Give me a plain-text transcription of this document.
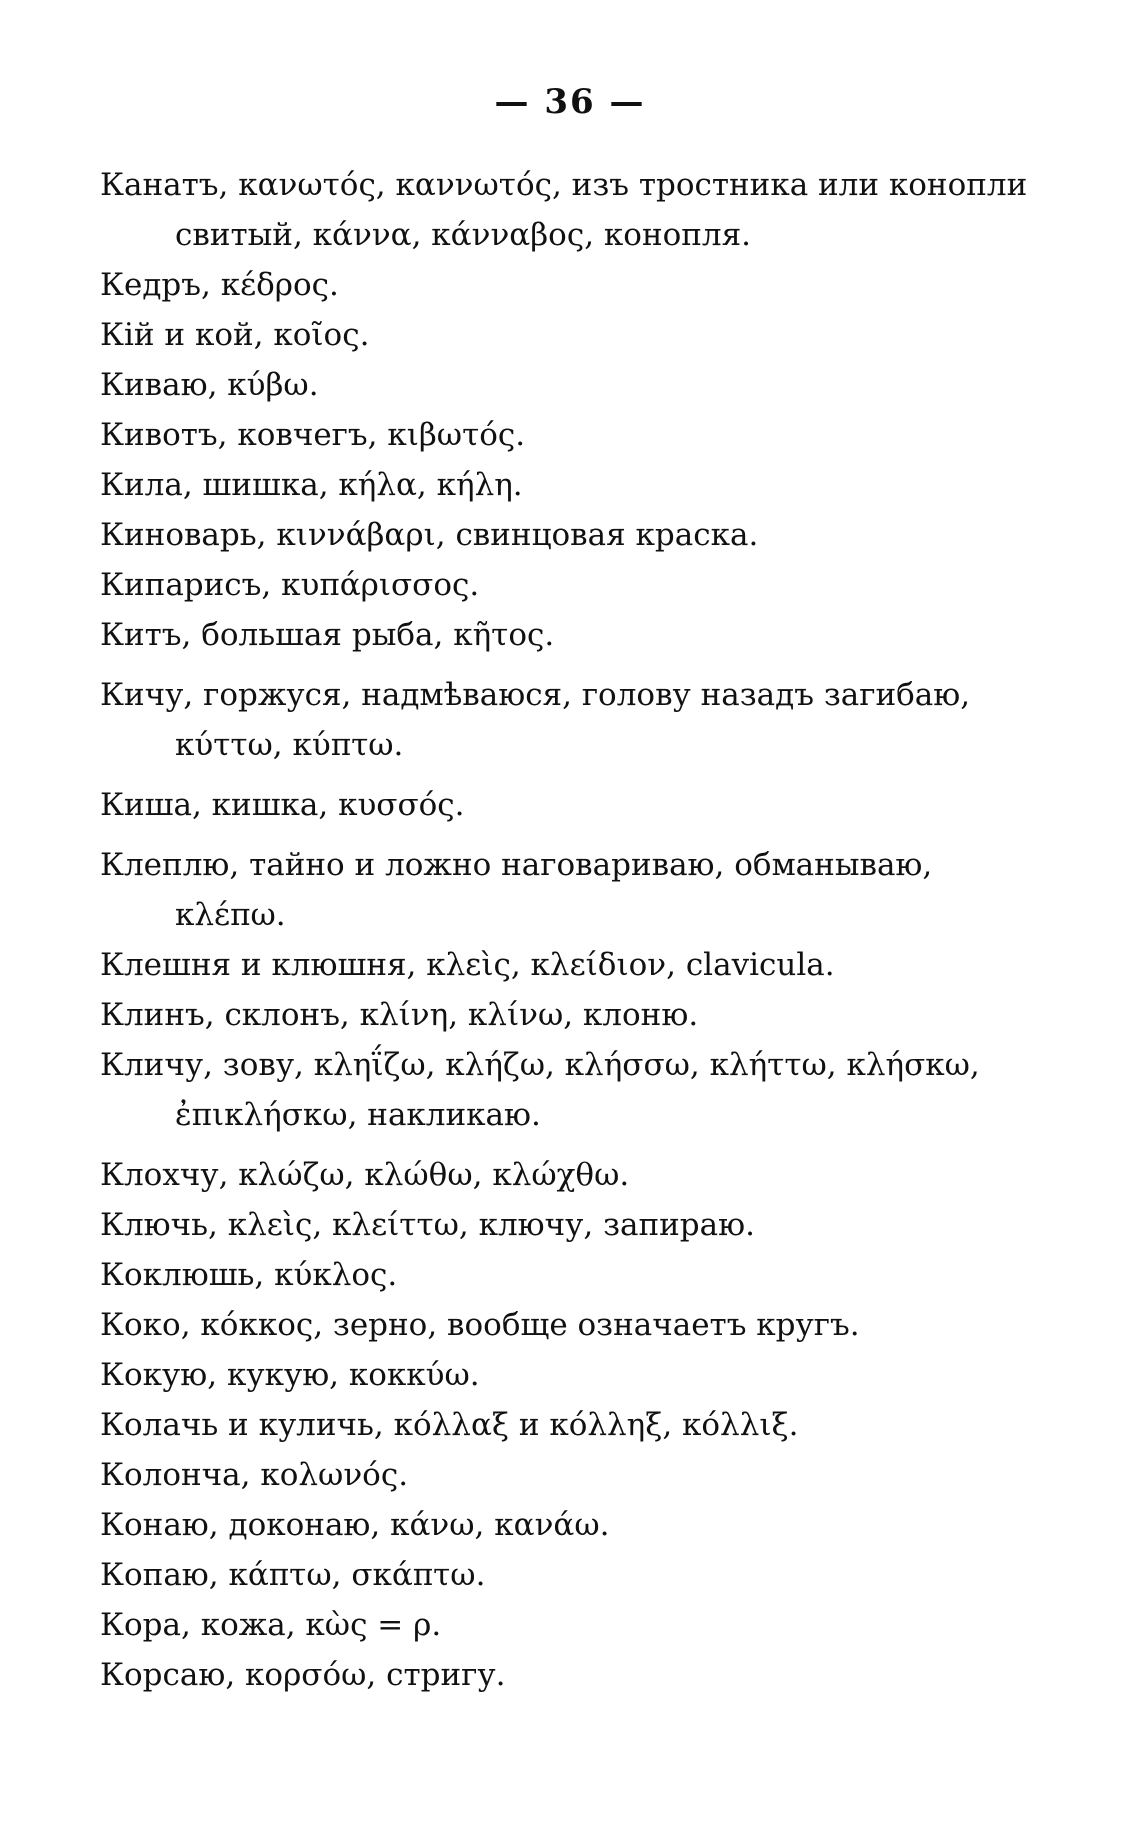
— 36 —
Канатъ, κανωτός, καννωτός, изъ тростника или конопли
свитый, κάννα, κάνναβος, конопля.
Кедръ, κέδρος.
Кій и кой, κοῖος.
Киваю, κύβω.
Кивотъ, ковчегъ, κιβωτός.
Кила, шишка, κήλα, κήλη.
Киноварь, κιννάβαρι, свинцовая краска.
Кипарисъ, κυπάρισσος.
Китъ, большая рыба, κῆτος.
Кичу, горжуся, надмѣваюся, голову назадъ загибаю,
κύττω, κύπτω.
Киша, кишка, κυσσός.
Клеплю, тайно и ложно наговариваю, обманываю,
κλέπω.
Клешня и клюшня, κλεὶς, κλείδιον, clavicula.
Клинъ, склонъ, κλίνη, κλίνω, клоню.
Кличу, зову, κληΐζω, κλήζω, κλήσσω, κλήττω, κλήσκω,
ἐπικλήσκω, накликаю.
Клохчу, κλώζω, κλώθω, κλώχθω.
Ключь, κλεὶς, κλείττω, ключу, запираю.
Коклюшь, κύκλος.
Коко, κόκκος, зерно, вообще означаетъ кругъ.
Кокую, кукую, κοκκύω.
Колачь и куличь, κόλλαξ и κόλληξ, κόλλιξ.
Колонча, κολωνός.
Конаю, доконаю, κάνω, κανάω.
Копаю, κάπτω, σκάπτω.
Кора, кожа, κὼς = ρ.
Корсаю, κορσόω, стригу.
